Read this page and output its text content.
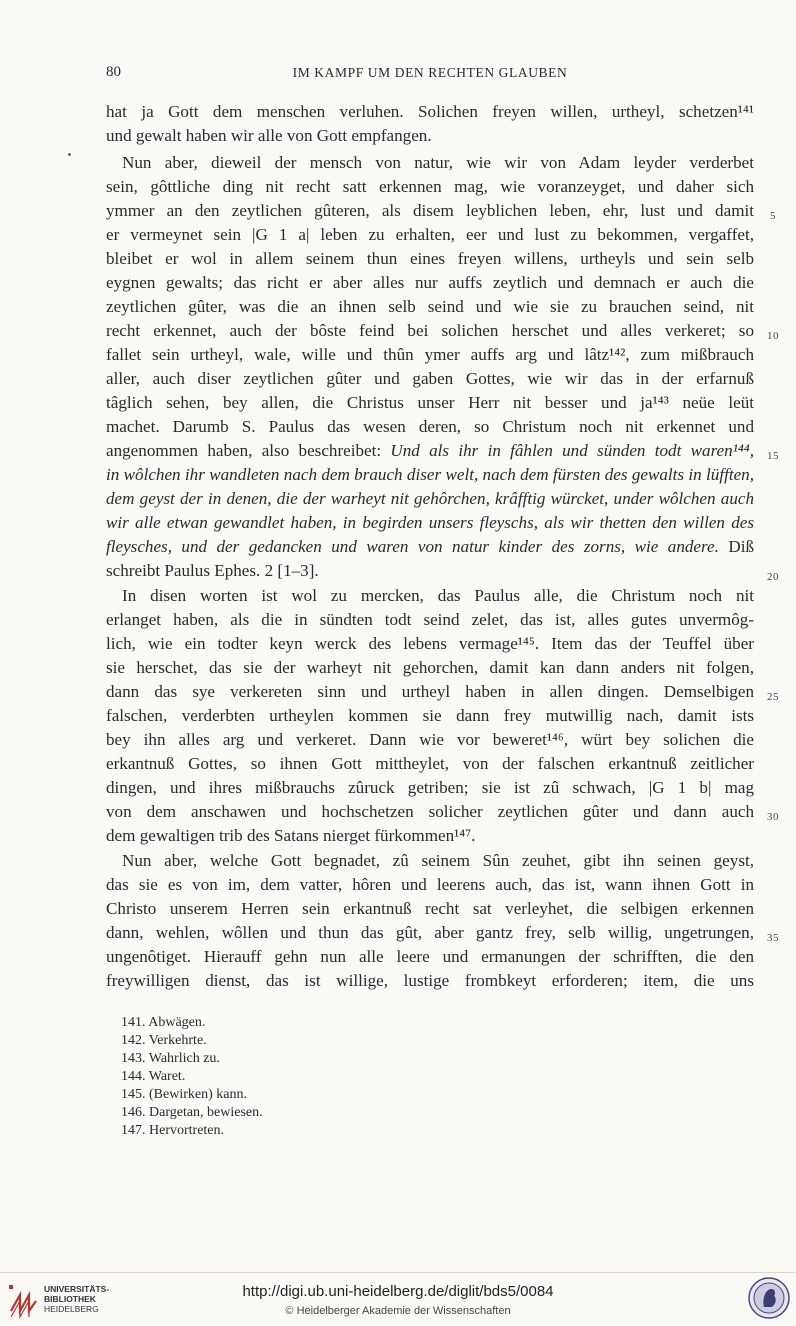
80	IM KAMPF UM DEN RECHTEN GLAUBEN
hat ja Gott dem menschen verluhen. Solichen freyen willen, urtheyl, schetzen¹⁴¹
und gewalt haben wir alle von Gott empfangen.
Nun aber, dieweil der mensch von natur, wie wir von Adam leyder verderbet
sein, gôttliche ding nit recht satt erkennen mag, wie voranzeyget, und daher sich
ymmer an den zeytlichen gûteren, als disem leyblichen leben, ehr, lust und damit
er vermeynet sein |G 1 a| leben zu erhalten, eer und lust zu bekommen, vergaffet,
bleibet er wol in allem seinem thun eines freyen willens, urtheyls und sein selb
eygnen gewalts; das richt er aber alles nur auffs zeytlich und demnach er auch die
zeytlichen gûter, was die an ihnen selb seind und wie sie zu brauchen seind, nit
recht erkennet, auch der bôste feind bei solichen herschet und alles verkeret; so
fallet sein urtheyl, wale, wille und thûn ymer auffs arg und lâtz¹⁴², zum mißbrauch
aller, auch diser zeytlichen gûter und gaben Gottes, wie wir das in der erfarnuß
tâglich sehen, bey allen, die Christus unser Herr nit besser und ja¹⁴³ neüe leüt
machet. Darumb S. Paulus das wesen deren, so Christum noch nit erkennet und
angenommen haben, also beschreibet: Und als ihr in fâhlen und sünden todt waren¹⁴⁴,
in wôlchen ihr wandleten nach dem brauch diser welt, nach dem fürsten des gewalts in lüfften,
dem geyst der in denen, die der warheyt nit gehôrchen, krâfftig würcket, under wôlchen auch
wir alle etwan gewandlet haben, in begirden unsers fleyschs, als wir thetten den willen des
fleysches, und der gedancken und waren von natur kinder des zorns, wie andere. Diß
schreibt Paulus Ephes. 2 [1–3].
In disen worten ist wol zu mercken, das Paulus alle, die Christum noch nit
erlanget haben, als die in sündten todt seind zelet, das ist, alles gutes unvermôg-
lich, wie ein todter keyn werck des lebens vermage¹⁴⁵. Item das der Teuffel über
sie herschet, das sie der warheyt nit gehorchen, damit kan dann anders nit folgen,
dann das sye verkereten sinn und urtheyl haben in allen dingen. Demselbigen
falschen, verderbten urtheylen kommen sie dann frey mutwillig nach, damit ists
bey ihn alles arg und verkeret. Dann wie vor beweret¹⁴⁶, würt bey solichen die
erkantnuß Gottes, so ihnen Gott mittheylet, von der falschen erkantnuß zeitlicher
dingen, und ihres mißbrauchs zûruck getriben; sie ist zû schwach, |G 1 b| mag
von dem anschawen und hochschetzen solicher zeytlichen gûter und dann auch
dem gewaltigen trib des Satans nierget fürkommen¹⁴⁷.
Nun aber, welche Gott begnadet, zû seinem Sûn zeuhet, gibt ihn seinen geyst,
das sie es von im, dem vatter, hôren und leerens auch, das ist, wann ihnen Gott in
Christo unserem Herren sein erkantnuß recht sat verleyhet, die selbigen erkennen
dann, wehlen, wôllen und thun das gût, aber gantz frey, selb willig, ungetrungen,
ungenôtiget. Hierauff gehn nun alle leere und ermanungen der schrifften, die den
freywilligen dienst, das ist willige, lustige frombkeyt erforderen; item, die uns
5
10
15
20
25
30
35
141. Abwägen.
142. Verkehrte.
143. Wahrlich zu.
144. Waret.
145. (Bewirken) kann.
146. Dargetan, bewiesen.
147. Hervortreten.
UNIVERSITÄTS-
BIBLIOTHEK
HEIDELBERG
http://digi.ub.uni-heidelberg.de/diglit/bds5/0084
© Heidelberger Akademie der Wissenschaften
